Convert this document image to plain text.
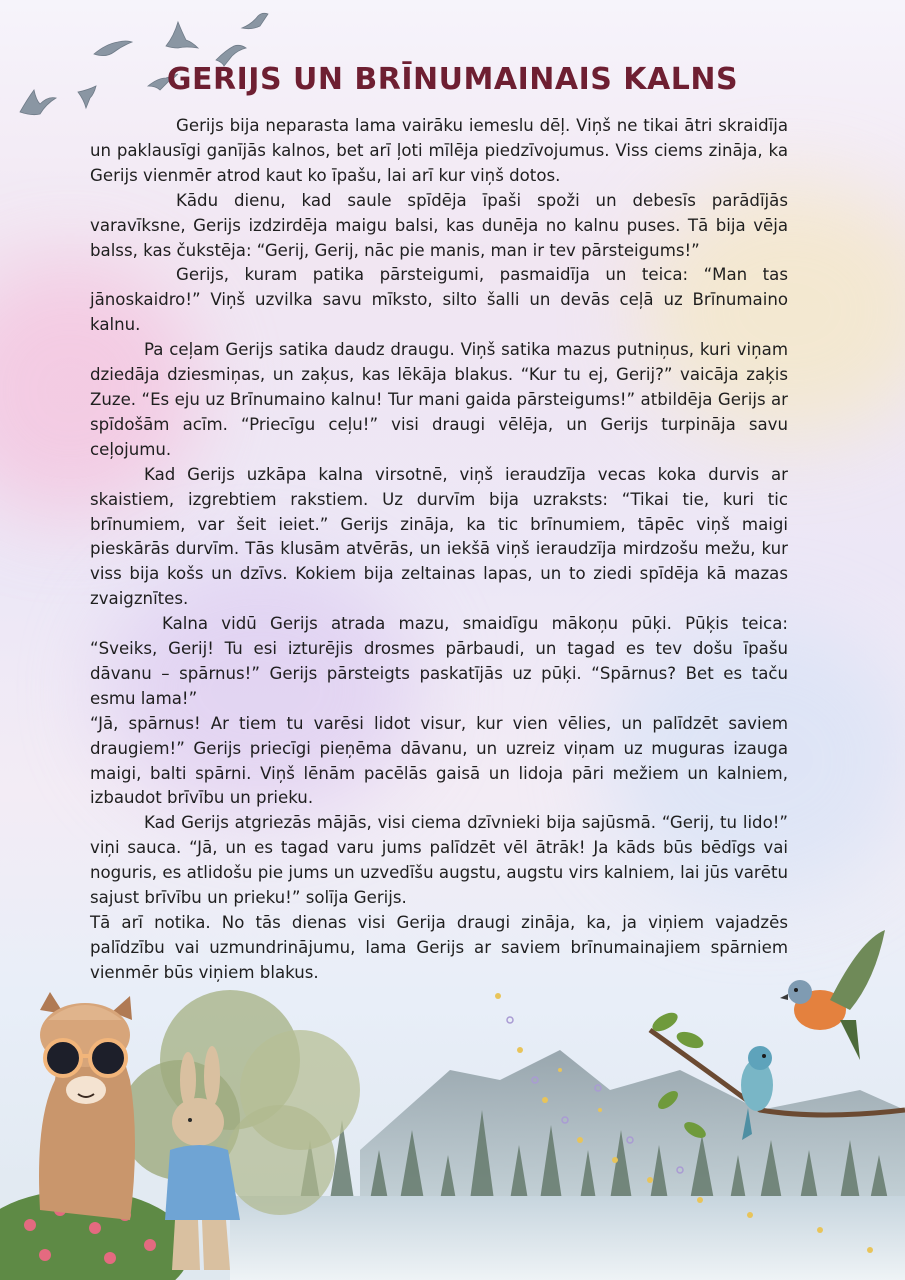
GERIJS UN BRĪNUMAINAIS KALNS

Gerijs bija neparasta lama vairāku iemeslu dēļ. Viņš ne tikai ātri skraidīja un paklausīgi ganījās kalnos, bet arī ļoti mīlēja piedzīvojumus. Viss ciems zināja, ka Gerijs vienmēr atrod kaut ko īpašu, lai arī kur viņš dotos.

Kādu dienu, kad saule spīdēja īpaši spoži un debesīs parādījās varavīksne, Gerijs izdzirdēja maigu balsi, kas dunēja no kalnu puses. Tā bija vēja balss, kas čukstēja: “Gerij, Gerij, nāc pie manis, man ir tev pārsteigums!”

Gerijs, kuram patika pārsteigumi, pasmaidīja un teica: “Man tas jānoskaidro!” Viņš uzvilka savu mīksto, silto šalli un devās ceļā uz Brīnumaino kalnu.

Pa ceļam Gerijs satika daudz draugu. Viņš satika mazus putniņus, kuri viņam dziedāja dziesmiņas, un zaķus, kas lēkāja blakus. “Kur tu ej, Gerij?” vaicāja zaķis Zuze. “Es eju uz Brīnumaino kalnu! Tur mani gaida pārsteigums!” atbildēja Gerijs ar spīdošām acīm. “Priecīgu ceļu!” visi draugi vēlēja, un Gerijs turpināja savu ceļojumu.

Kad Gerijs uzkāpa kalna virsotnē, viņš ieraudzīja vecas koka durvis ar skaistiem, izgrebtiem rakstiem. Uz durvīm bija uzraksts: “Tikai tie, kuri tic brīnumiem, var šeit ieiet.” Gerijs zināja, ka tic brīnumiem, tāpēc viņš maigi pieskārās durvīm. Tās klusām atvērās, un iekšā viņš ieraudzīja mirdzošu mežu, kur viss bija košs un dzīvs. Kokiem bija zeltainas lapas, un to ziedi spīdēja kā mazas zvaigznītes.

Kalna vidū Gerijs atrada mazu, smaidīgu mākoņu pūķi. Pūķis teica: “Sveiks, Gerij! Tu esi izturējis drosmes pārbaudi, un tagad es tev došu īpašu dāvanu – spārnus!” Gerijs pārsteigts paskatījās uz pūķi. “Spārnus? Bet es taču esmu lama!”

“Jā, spārnus! Ar tiem tu varēsi lidot visur, kur vien vēlies, un palīdzēt saviem draugiem!” Gerijs priecīgi pieņēma dāvanu, un uzreiz viņam uz muguras izauga maigi, balti spārni. Viņš lēnām pacēlās gaisā un lidoja pāri mežiem un kalniem, izbaudot brīvību un prieku.

Kad Gerijs atgriezās mājās, visi ciema dzīvnieki bija sajūsmā. “Gerij, tu lido!” viņi sauca. “Jā, un es tagad varu jums palīdzēt vēl ātrāk! Ja kāds būs bēdīgs vai noguris, es atlidošu pie jums un uzvedīšu augstu, augstu virs kalniem, lai jūs varētu sajust brīvību un prieku!” solīja Gerijs.

Tā arī notika. No tās dienas visi Gerija draugi zināja, ka, ja viņiem vajadzēs palīdzību vai uzmundrinājumu, lama Gerijs ar saviem brīnumainajiem spārniem vienmēr būs viņiem blakus.
